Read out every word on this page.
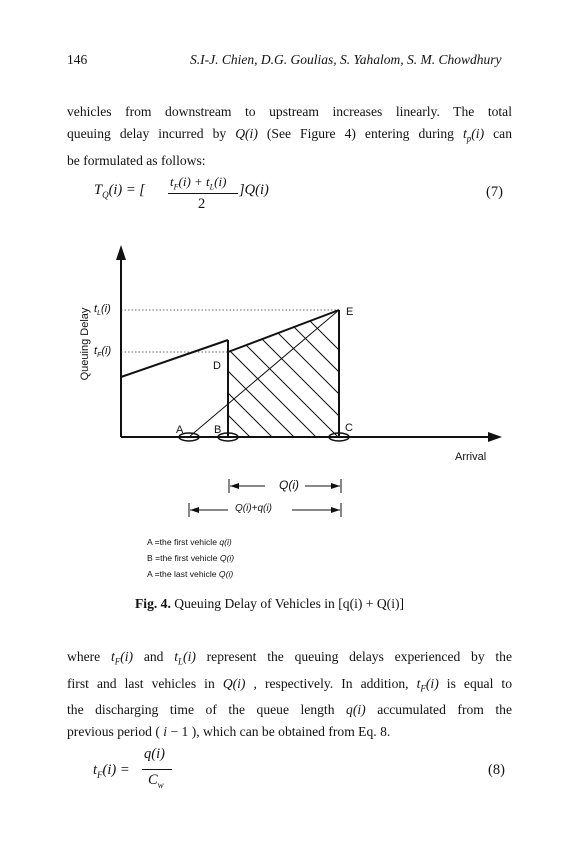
146	S.I-J. Chien, D.G. Goulias, S. Yahalom, S. M. Chowdhury
vehicles from downstream to upstream increases linearly. The total
queuing delay incurred by Q(i) (See Figure 4) entering during $t_p(i)$ can
be formulated as follows:
$T_Q(i)$ = [
$t_F(i) + t_L(i)$
2
]Q(i)	(7)
Queuing Delay $t_L(i)$
$t_F(i)$
A	B	C
D
E
Arrival
Q(i)
Q(i)+q(i)
A =the first vehicle q(i)
B =the first vehicle Q(i)
A =the last vehicle Q(i)
Fig. 4. Queuing Delay of Vehicles in [q(i) + Q(i)]
where $t_F(i)$ and $t_L(i)$ represent the queuing delays experienced by the
first and last vehicles in Q(i) , respectively. In addition, $t_F(i)$ is equal to
the discharging time of the queue length q(i) accumulated from the
previous period ( i − 1 ), which can be obtained from Eq. 8.
$t_F(i)$ =
q(i)
$C_w$
(8)
